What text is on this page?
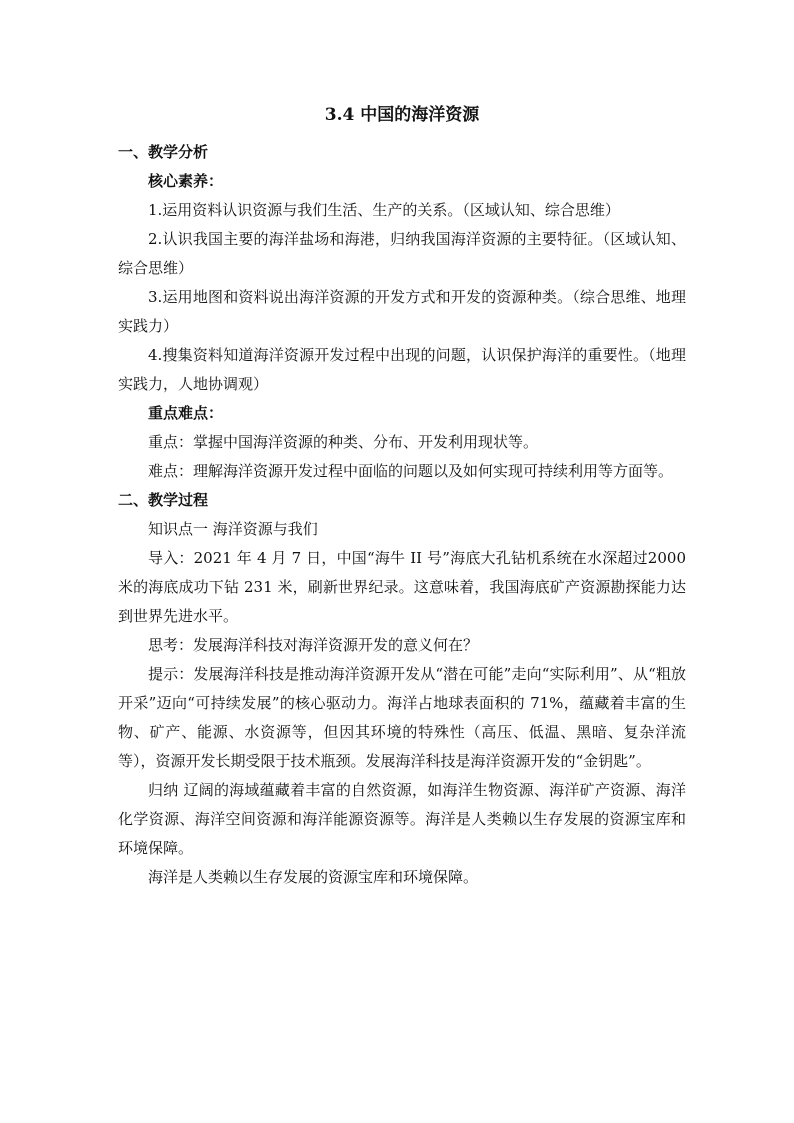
3.4 中国的海洋资源
一、教学分析
核心素养：

1.运用资料认识资源与我们生活、生产的关系。（区域认知、综合思维）

2.认识我国主要的海洋盐场和海港，归纳我国海洋资源的主要特征。（区域认知、综合思维）

3.运用地图和资料说出海洋资源的开发方式和开发的资源种类。（综合思维、地理实践力）

4.搜集资料知道海洋资源开发过程中出现的问题，认识保护海洋的重要性。（地理实践力，人地协调观）

重点难点：

重点：掌握中国海洋资源的种类、分布、开发利用现状等。

难点：理解海洋资源开发过程中面临的问题以及如何实现可持续利用等方面等。

二、教学过程

知识点一 海洋资源与我们

导入：2021 年 4 月 7 日，中国“海牛 II 号”海底大孔钻机系统在水深超过2000 米的海底成功下钻 231 米，刷新世界纪录。这意味着，我国海底矿产资源勘探能力达到世界先进水平。

思考：发展海洋科技对海洋资源开发的意义何在？

提示：发展海洋科技是推动海洋资源开发从“潜在可能”走向“实际利用”、从“粗放开采”迈向“可持续发展”的核心驱动力。海洋占地球表面积的 71%，蕴藏着丰富的生物、矿产、能源、水资源等，但因其环境的特殊性（高压、低温、黑暗、复杂洋流等），资源开发长期受限于技术瓶颈。发展海洋科技是海洋资源开发的“金钥匙”。

归纳 辽阔的海域蕴藏着丰富的自然资源，如海洋生物资源、海洋矿产资源、海洋化学资源、海洋空间资源和海洋能源资源等。海洋是人类赖以生存发展的资源宝库和环境保障。

海洋是人类赖以生存发展的资源宝库和环境保障。
